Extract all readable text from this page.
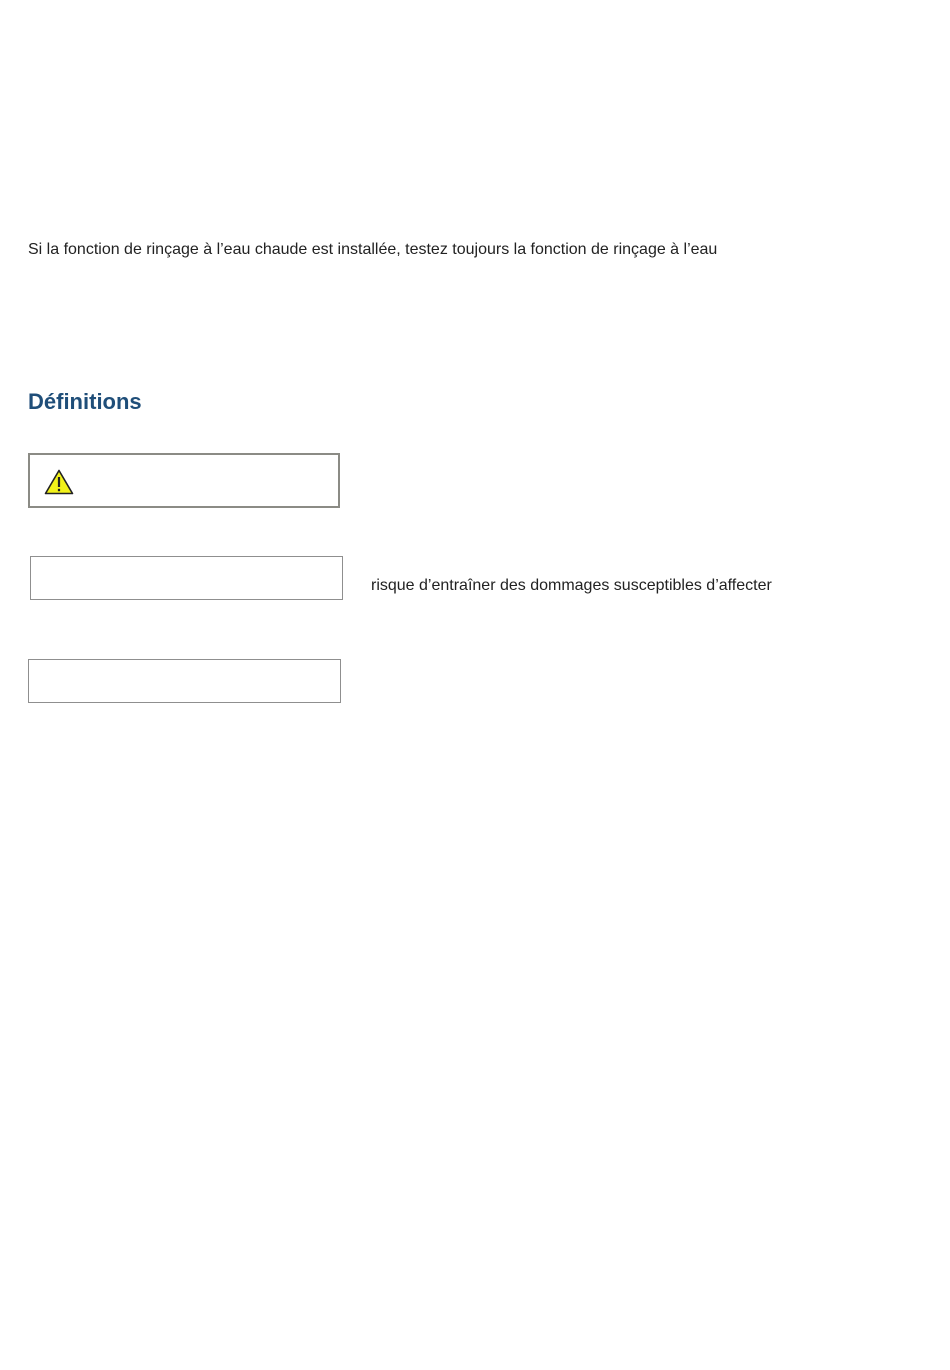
Si la fonction de rinçage à l’eau chaude est installée, testez toujours la fonction de rinçage à l’eau
Définitions
risque d’entraîner des dommages susceptibles d’affecter
